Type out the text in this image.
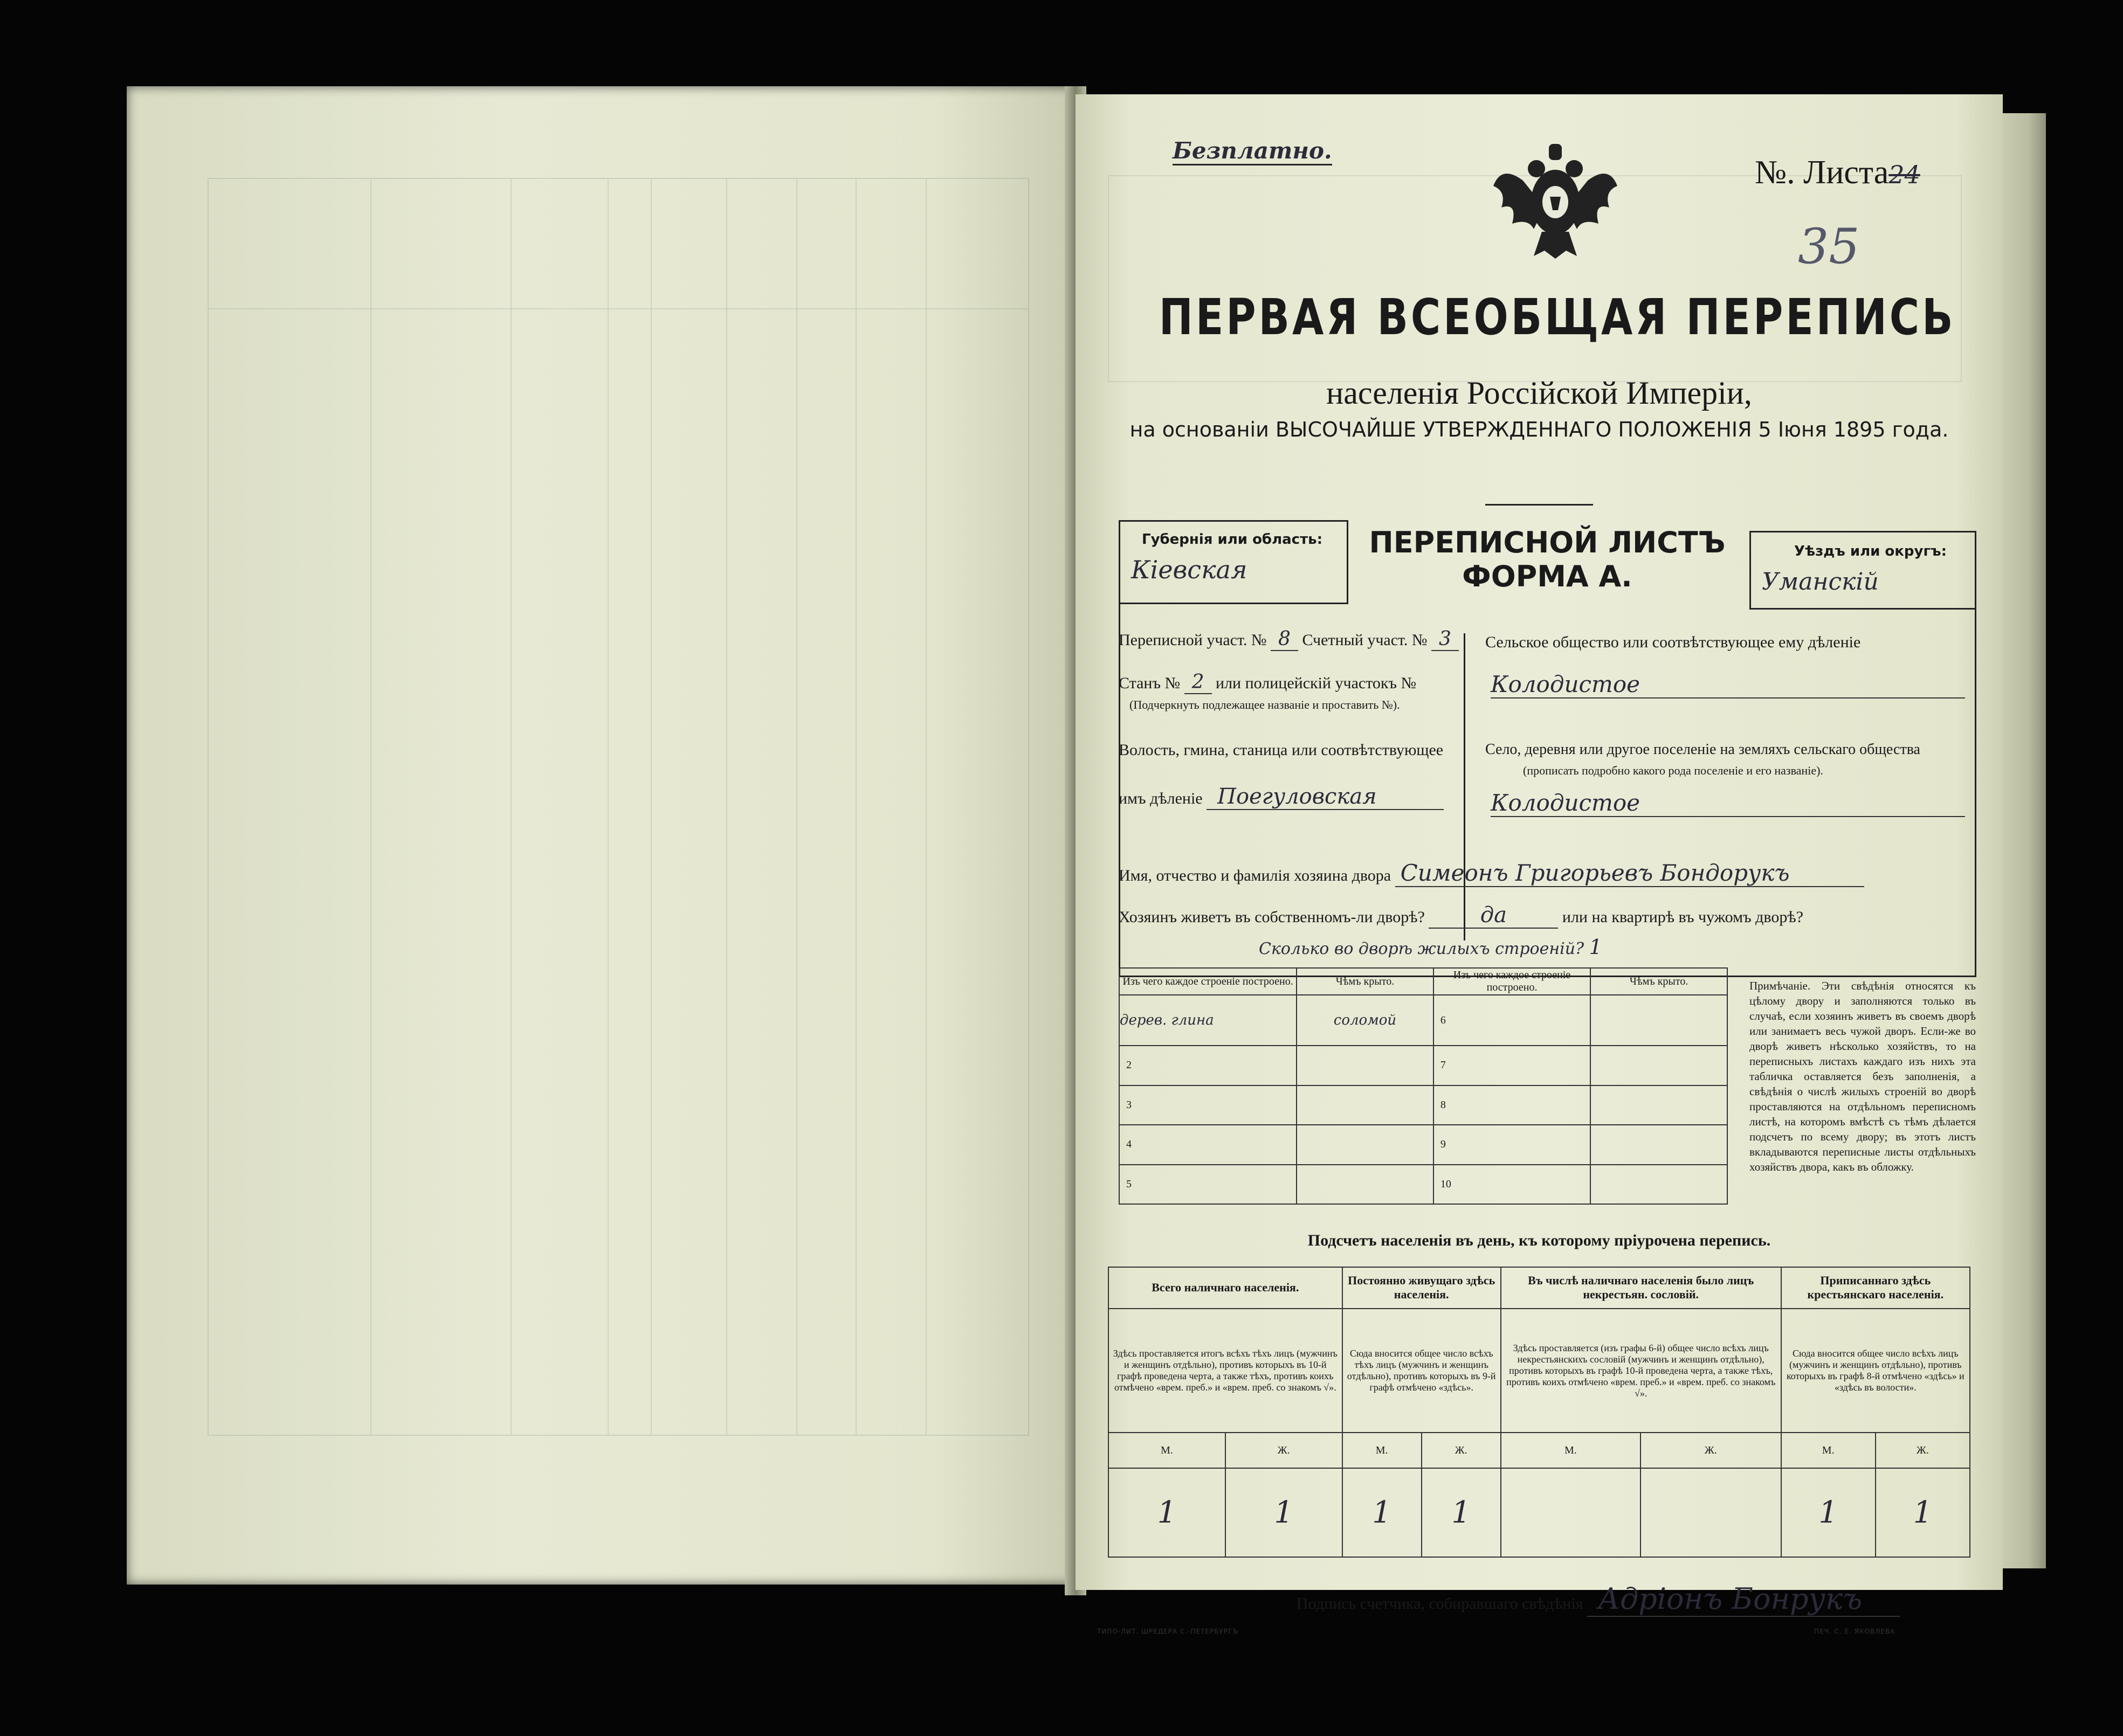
Безплатно.
№. Листа24
35
ПЕРВАЯ ВСЕОБЩАЯ ПЕРЕПИСЬ
населенія Россійской Имперіи,
на основаніи ВЫСОЧАЙШЕ УТВЕРЖДЕННАГО ПОЛОЖЕНІЯ 5 Іюня 1895 года.
Губернія или область:
Кіевская
ПЕРЕПИСНОЙ ЛИСТЪ
ФОРМА А.
Уѣздъ или округъ:
Уманскій
Переписной участ. № 8 Счетный участ. № 3
Станъ № 2 или полицейскій участокъ №
(Подчеркнуть подлежащее названіе и проставить №).
Волость, гмина, станица или соотвѣтствующее
имъ дѣленіе Поегуловская
Сельское общество или соотвѣтствующее ему дѣленіе
Колодистое
Село, деревня или другое поселеніе на земляхъ сельскаго общества
(прописать подробно какого рода поселеніе и его названіе).
Колодистое
Имя, отчество и фамилія хозяина двора Симеонъ Григорьевъ Бондорукъ
Хозяинъ живетъ въ собственномъ-ли дворѣ?	да	или на квартирѣ въ чужомъ дворѣ?
Сколько во дворѣ жилыхъ строеній? 1
Изъ чего каждое строеніе построено.	Чѣмъ крыто.	Изъ чего каждое строеніе построено.	Чѣмъ крыто.
дерев. глина	соломой	6	
2		7	
3		8	
4		9	
5		10	
Примѣчаніе. Эти свѣдѣнія относятся къ цѣлому двору и заполняются только въ случаѣ, если хозяинъ живетъ въ своемъ дворѣ или занимаетъ весь чужой дворъ. Если-же во дворѣ живетъ нѣсколько хозяйствъ, то на переписныхъ листахъ каждаго изъ нихъ эта табличка оставляется безъ заполненія, а свѣдѣнія о числѣ жилыхъ строеній во дворѣ проставляются на отдѣльномъ переписномъ листѣ, на которомъ вмѣстѣ съ тѣмъ дѣлается подсчетъ по всему двору; въ этотъ листъ вкладываются переписные листы отдѣльныхъ хозяйствъ двора, какъ въ обложку.
Подсчетъ населенія въ день, къ которому пріурочена перепись.
Всего наличнаго населенія.		Постоянно живущаго здѣсь населенія.		Въ числѣ наличнаго населенія было лицъ некрестьян. сословій.		Приписаннаго здѣсь крестьянскаго населенія.	
Здѣсь проставляется итогъ всѣхъ тѣхъ лицъ (мужчинъ и женщинъ отдѣльно), противъ которыхъ въ 10-й графѣ проведена черта, а также тѣхъ, противъ коихъ отмѣчено «врем. преб.» и «врем. преб. со знакомъ √».		Сюда вносится общее число всѣхъ тѣхъ лицъ (мужчинъ и женщинъ отдѣльно), противъ которыхъ въ 9-й графѣ отмѣчено «здѣсь».		Здѣсь проставляется (изъ графы 6-й) общее число всѣхъ лицъ некрестьянскихъ сословій (мужчинъ и женщинъ отдѣльно), противъ которыхъ въ графѣ 10-й проведена черта, а также тѣхъ, противъ коихъ отмѣчено «врем. преб.» и «врем. преб. со знакомъ √».		Сюда вносится общее число всѣхъ лицъ (мужчинъ и женщинъ отдѣльно), противъ которыхъ въ графѣ 8-й отмѣчено «здѣсь» и «здѣсь въ волости».	
М.	Ж.	М.	Ж.	М.	Ж.	М.	Ж.
1	1	1	1			1	1
Подпись счетчика, собиравшаго свѣдѣнія Адріонъ Бонрукъ
ТИПО-ЛИТ. ШРЕДЕРА С.-ПЕТЕРБУРГЪ	ПЕЧ. С. Е. ЯКОВЛЕВА
